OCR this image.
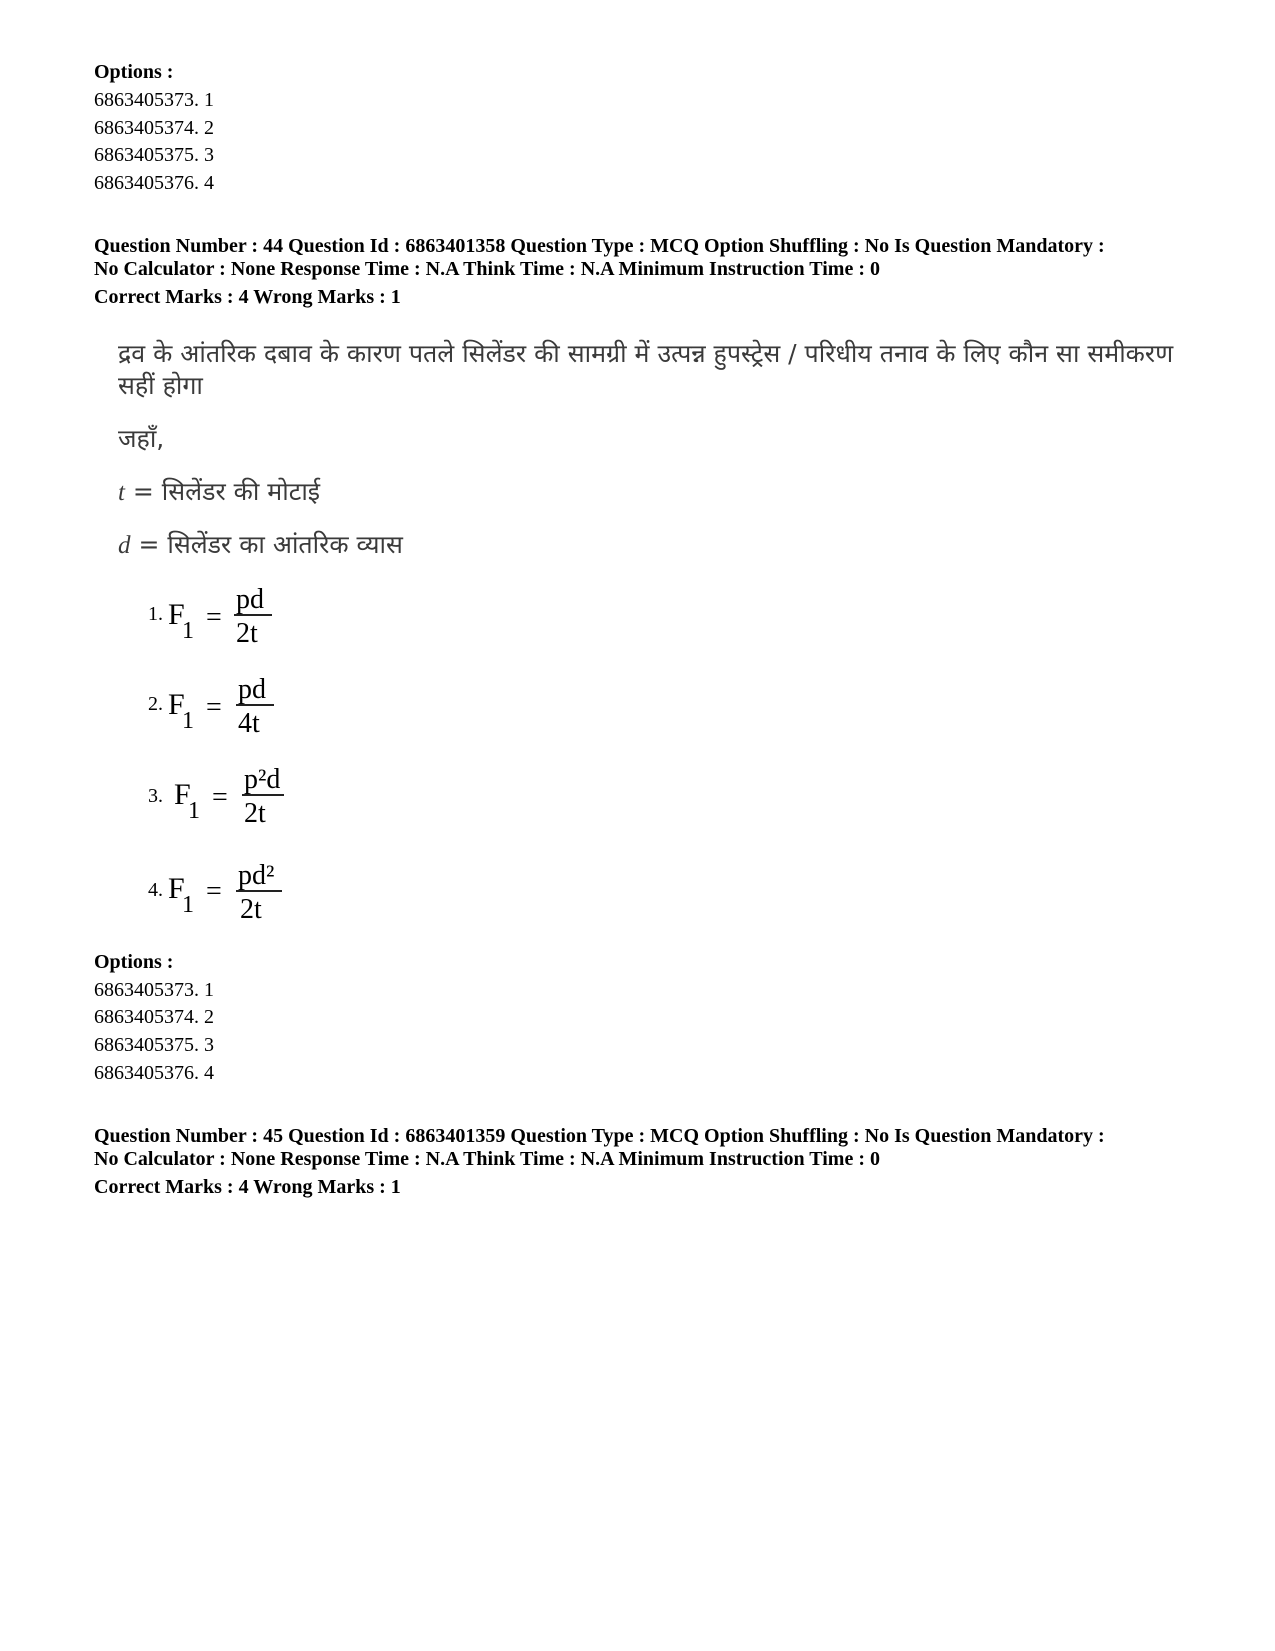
Options :
6863405373. 1
6863405374. 2
6863405375. 3
6863405376. 4
Question Number : 44 Question Id : 6863401358 Question Type : MCQ Option Shuffling : No Is Question Mandatory :
No Calculator : None Response Time : N.A Think Time : N.A Minimum Instruction Time : 0
Correct Marks : 4 Wrong Marks : 1
द्रव के आंतरिक दबाव के कारण पतले सिलेंडर की सामग्री में उत्पन्न हुपस्ट्रेस / परिधीय तनाव के लिए कौन सा समीकरण
सहीं होगा
जहाँ,
t = सिलेंडर की मोटाई
d = सिलेंडर का आंतरिक व्यास
1. F
1 =
pd
2t
2. F
1 =
pd
4t
3. F
1 =
p²d
2t
4. F
1 =
pd²
2t
Options :
6863405373. 1
6863405374. 2
6863405375. 3
6863405376. 4
Question Number : 45 Question Id : 6863401359 Question Type : MCQ Option Shuffling : No Is Question Mandatory :
No Calculator : None Response Time : N.A Think Time : N.A Minimum Instruction Time : 0
Correct Marks : 4 Wrong Marks : 1
